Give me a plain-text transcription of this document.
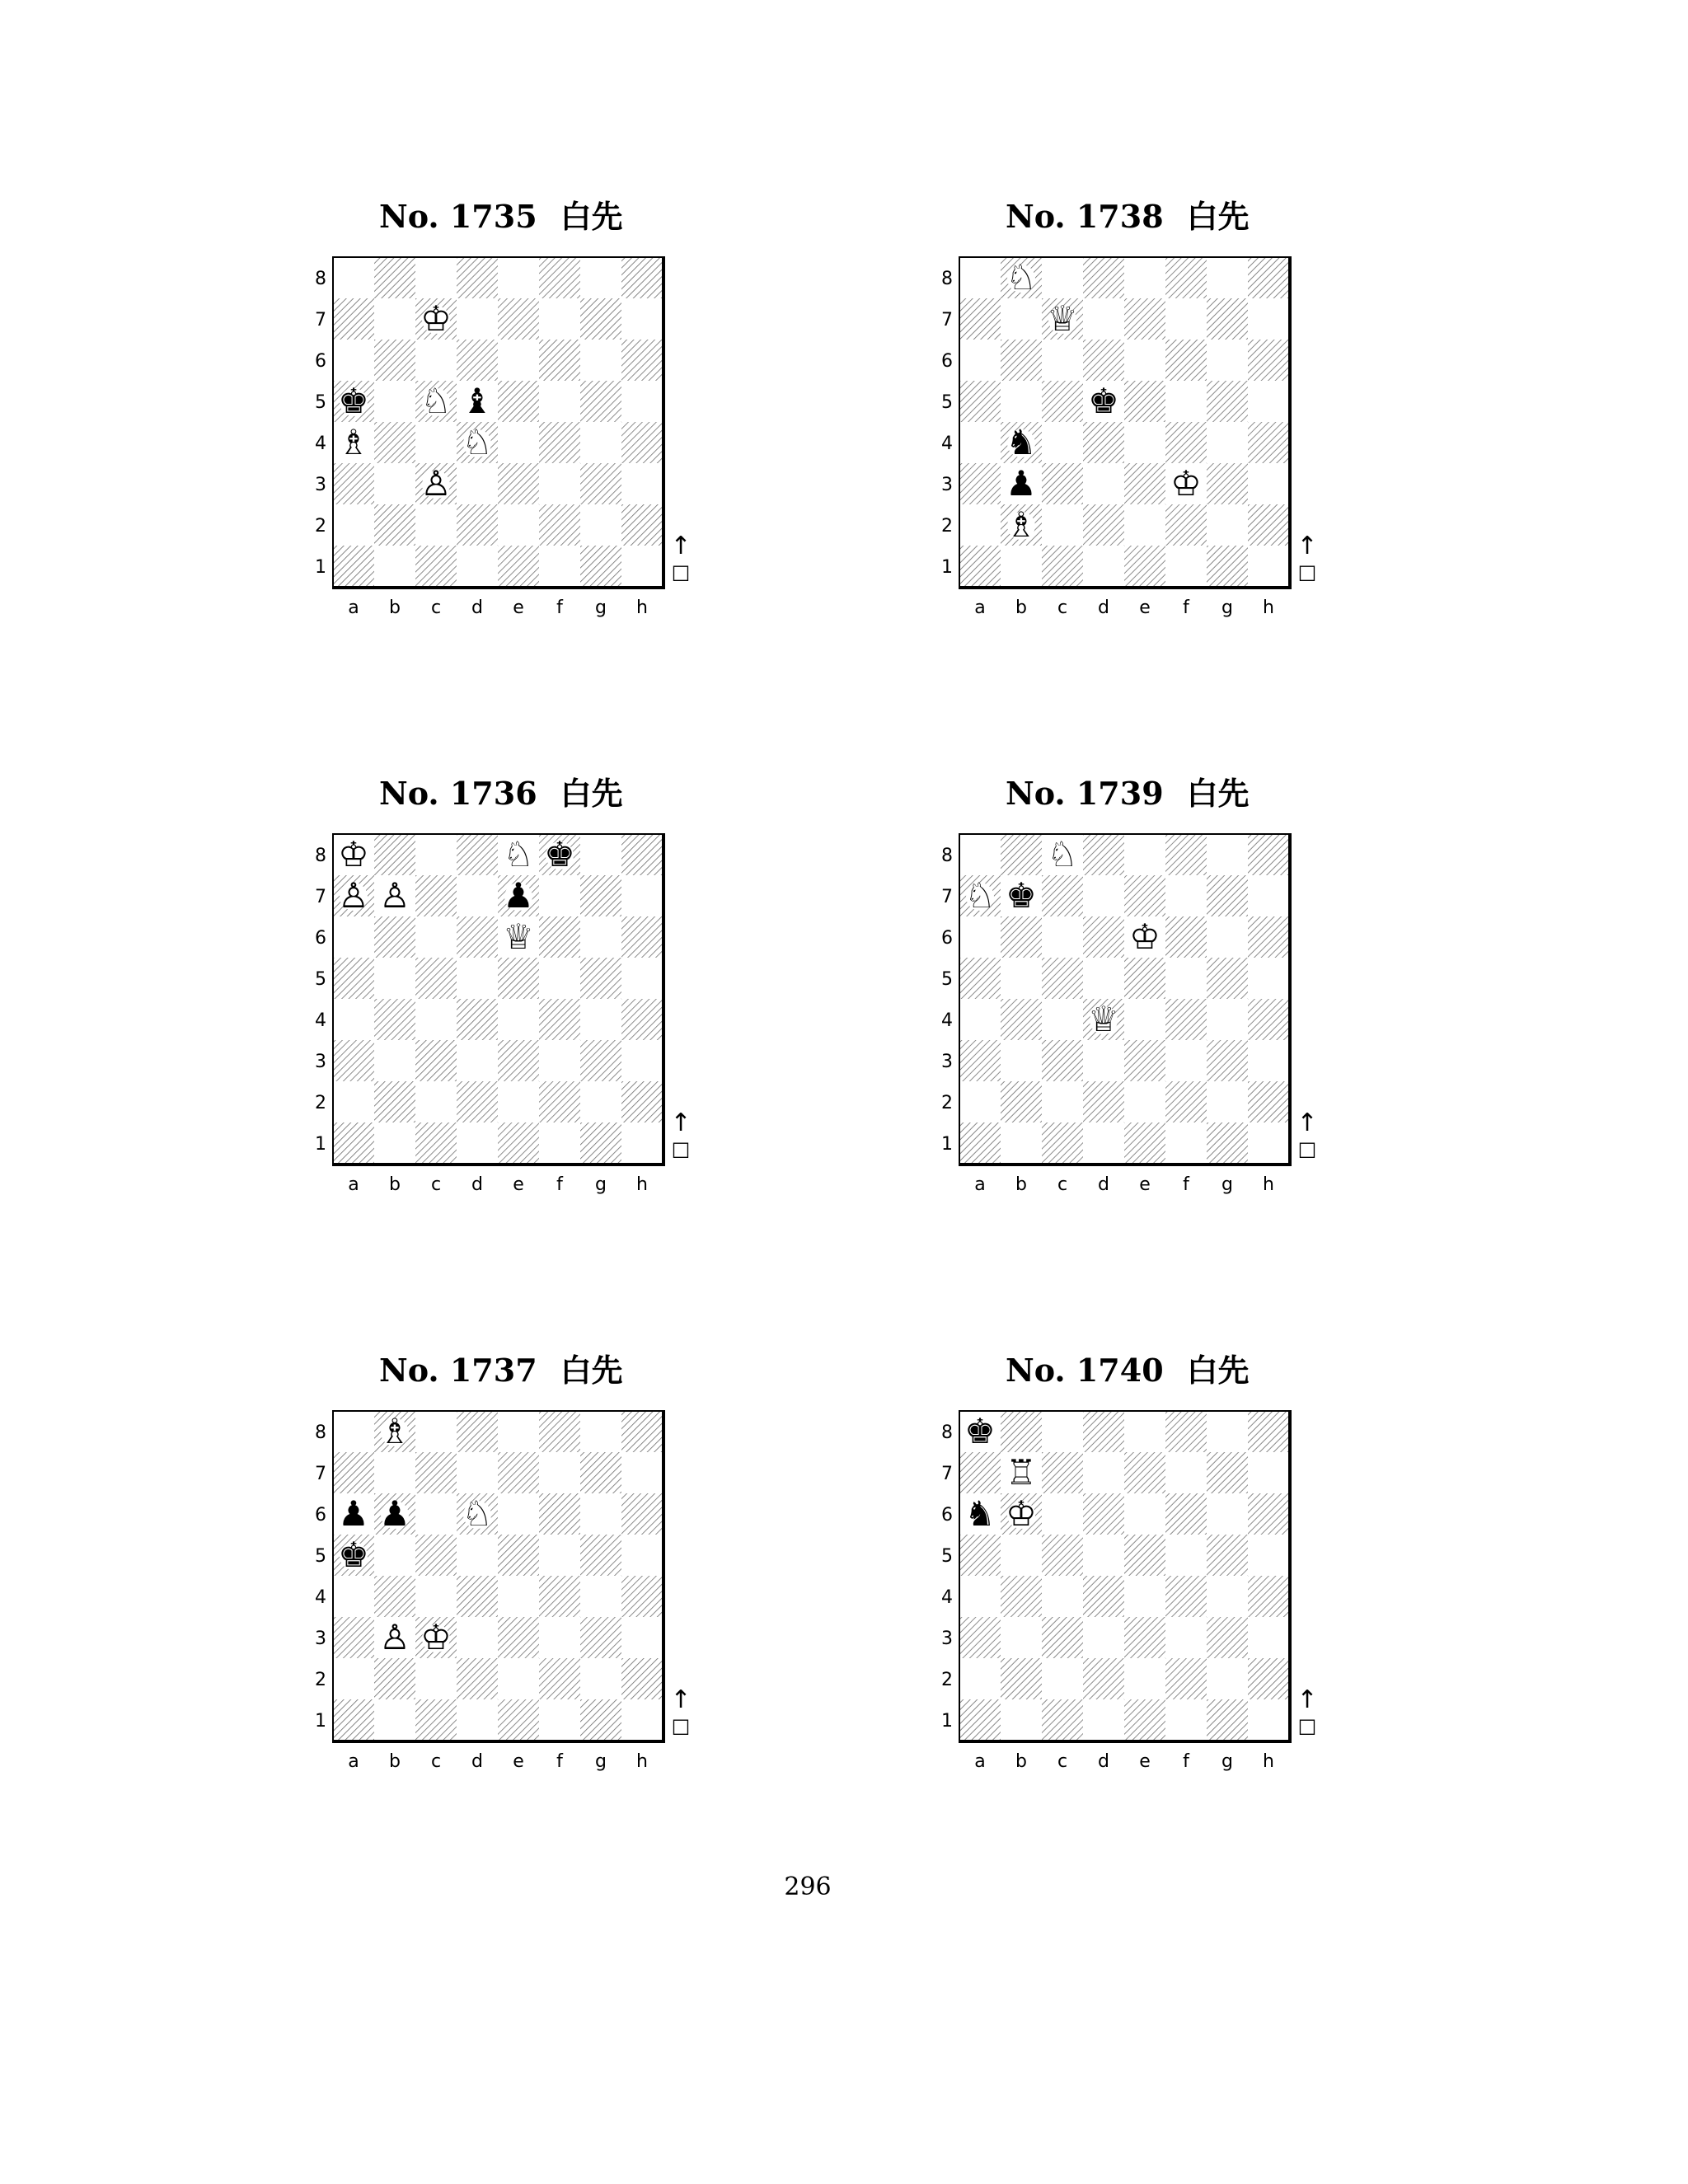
No. 1735 白先
8
7
6
5
4
3
2
1
a b c d e f g h
↑
□
♔
♚ ♘ ♝
♗	♘
♙
No. 1738 白先
8
7
6
5
4
3
2
1
a b c d e f g h
↑
□
♘
♕
♚
♞
♟	♔
♗
No. 1736 白先
8
7
6
5
4
3
2
1
a b c d e f g h
↑
□
♔	♘ ♚
♙ ♙	♟
♕
No. 1739 白先
8
7
6
5
4
3
2
1
a b c d e f g h
↑
□
♘
♘ ♚
♔
♕
No. 1737 白先
8
7
6
5
4
3
2
1
a b c d e f g h
↑
□
♗
♟ ♟ ♘
♚
♙ ♔
No. 1740 白先
8
7
6
5
4
3
2
1
a b c d e f g h
↑
□
♚
♖
♞ ♔
296
